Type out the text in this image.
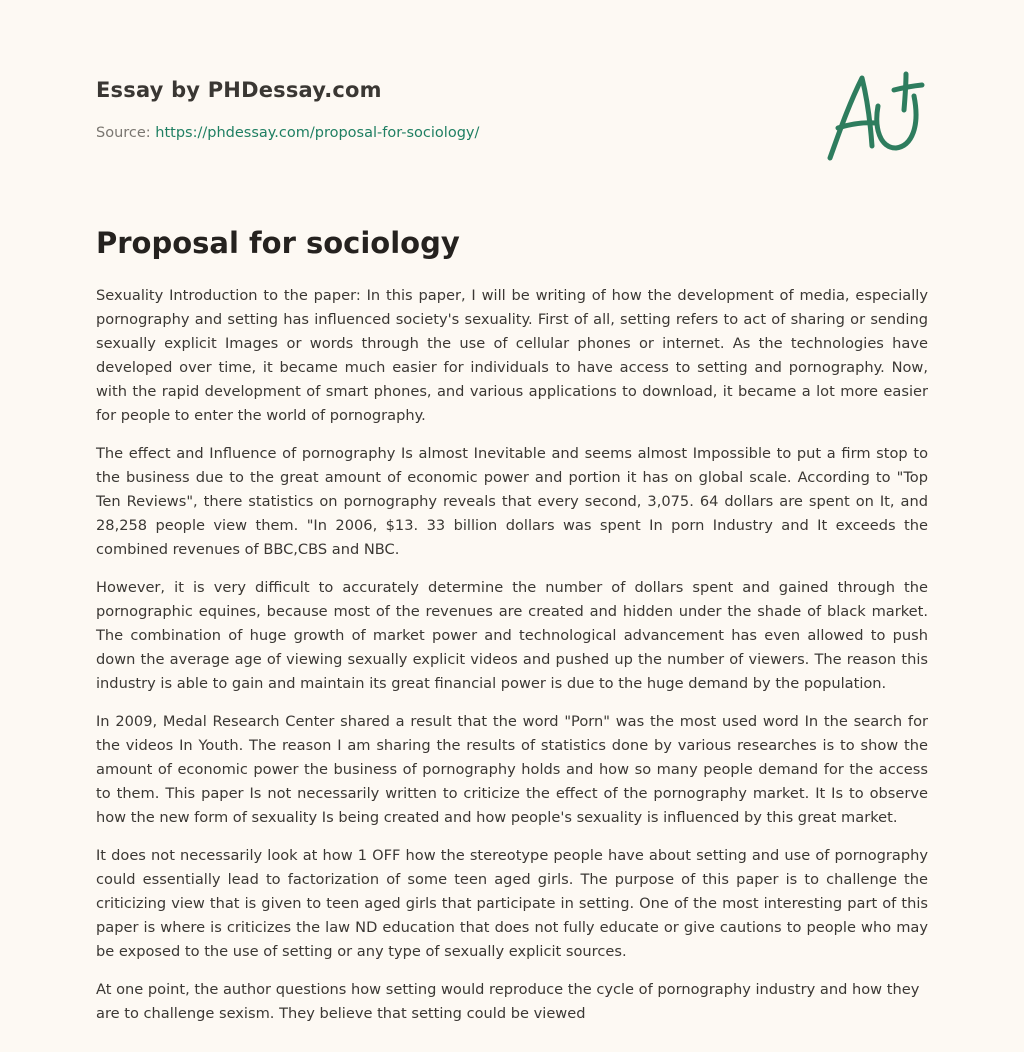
Essay by PHDessay.com
Source: https://phdessay.com/proposal-for-sociology/
Proposal for sociology

Sexuality Introduction to the paper: In this paper, I will be writing of how the development of media, especially pornography and setting has influenced society's sexuality. First of all, setting refers to act of sharing or sending sexually explicit Images or words through the use of cellular phones or internet. As the technologies have developed over time, it became much easier for individuals to have access to setting and pornography. Now, with the rapid development of smart phones, and various applications to download, it became a lot more easier for people to enter the world of pornography.

The effect and Influence of pornography Is almost Inevitable and seems almost Impossible to put a firm stop to the business due to the great amount of economic power and portion it has on global scale. According to "Top Ten Reviews", there statistics on pornography reveals that every second, 3,075. 64 dollars are spent on It, and 28,258 people view them. "In 2006, $13. 33 billion dollars was spent In porn Industry and It exceeds the combined revenues of BBC,CBS and NBC.

However, it is very difficult to accurately determine the number of dollars spent and gained through the pornographic equines, because most of the revenues are created and hidden under the shade of black market. The combination of huge growth of market power and technological advancement has even allowed to push down the average age of viewing sexually explicit videos and pushed up the number of viewers. The reason this industry is able to gain and maintain its great financial power is due to the huge demand by the population.

In 2009, Medal Research Center shared a result that the word "Porn" was the most used word In the search for the videos In Youth. The reason I am sharing the results of statistics done by various researches is to show the amount of economic power the business of pornography holds and how so many people demand for the access to them. This paper Is not necessarily written to criticize the effect of the pornography market. It Is to observe how the new form of sexuality Is being created and how people's sexuality is influenced by this great market.

It does not necessarily look at how 1 OFF how the stereotype people have about setting and use of pornography could essentially lead to factorization of some teen aged girls. The purpose of this paper is to challenge the criticizing view that is given to teen aged girls that participate in setting. One of the most interesting part of this paper is where is criticizes the law ND education that does not fully educate or give cautions to people who may be exposed to the use of setting or any type of sexually explicit sources.

At one point, the author questions how setting would reproduce the cycle of pornography industry and how they are to challenge sexism. They believe that setting could be viewed
